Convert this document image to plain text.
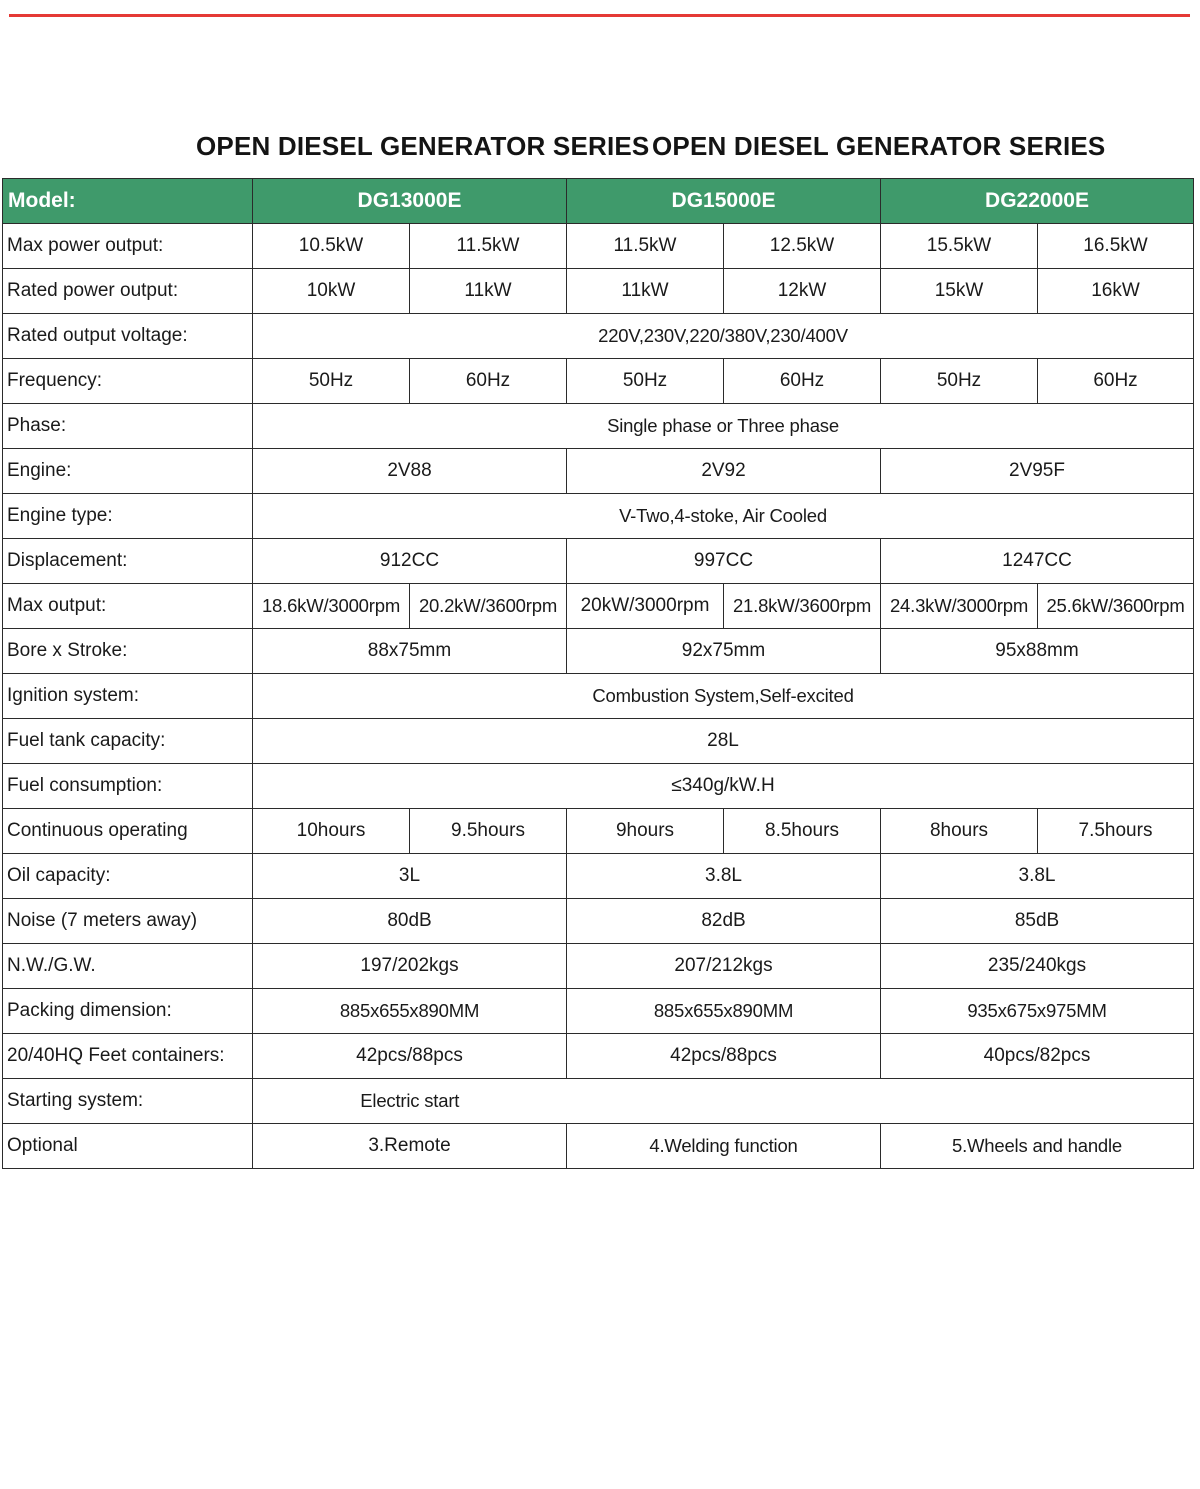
OPEN DIESEL GENERATOR SERIES OPEN DIESEL GENERATOR SERIES
Model:	DG13000E		DG15000E		DG22000E	
Max power output:	10.5kW	11.5kW	11.5kW	12.5kW	15.5kW	16.5kW
Rated power output:	10kW	11kW	11kW	12kW	15kW	16kW
Rated output voltage:	220V,230V,220/380V,230/400V					
Frequency:	50Hz	60Hz	50Hz	60Hz	50Hz	60Hz
Phase:	Single phase or Three phase					
Engine:	2V88		2V92		2V95F	
Engine type:	V-Two,4-stoke, Air Cooled					
Displacement:	912CC		997CC		1247CC	
Max output:	18.6kW/3000rpm	20.2kW/3600rpm	20kW/3000rpm	21.8kW/3600rpm	24.3kW/3000rpm	25.6kW/3600rpm
Bore x Stroke:	88x75mm		92x75mm		95x88mm	
Ignition system:	Combustion System,Self-excited					
Fuel tank capacity:	28L					
Fuel consumption:	≤340g/kW.H					
Continuous operating	10hours	9.5hours	9hours	8.5hours	8hours	7.5hours
Oil capacity:	3L		3.8L		3.8L	
Noise (7 meters away)	80dB		82dB		85dB	
N.W./G.W.	197/202kgs		207/212kgs		235/240kgs	
Packing dimension:	885x655x890MM		885x655x890MM		935x675x975MM	
20/40HQ Feet containers:	42pcs/88pcs		42pcs/88pcs		40pcs/82pcs	
Starting system:	Electric start					
Optional	3.Remote		4.Welding function		5.Wheels and handle	
